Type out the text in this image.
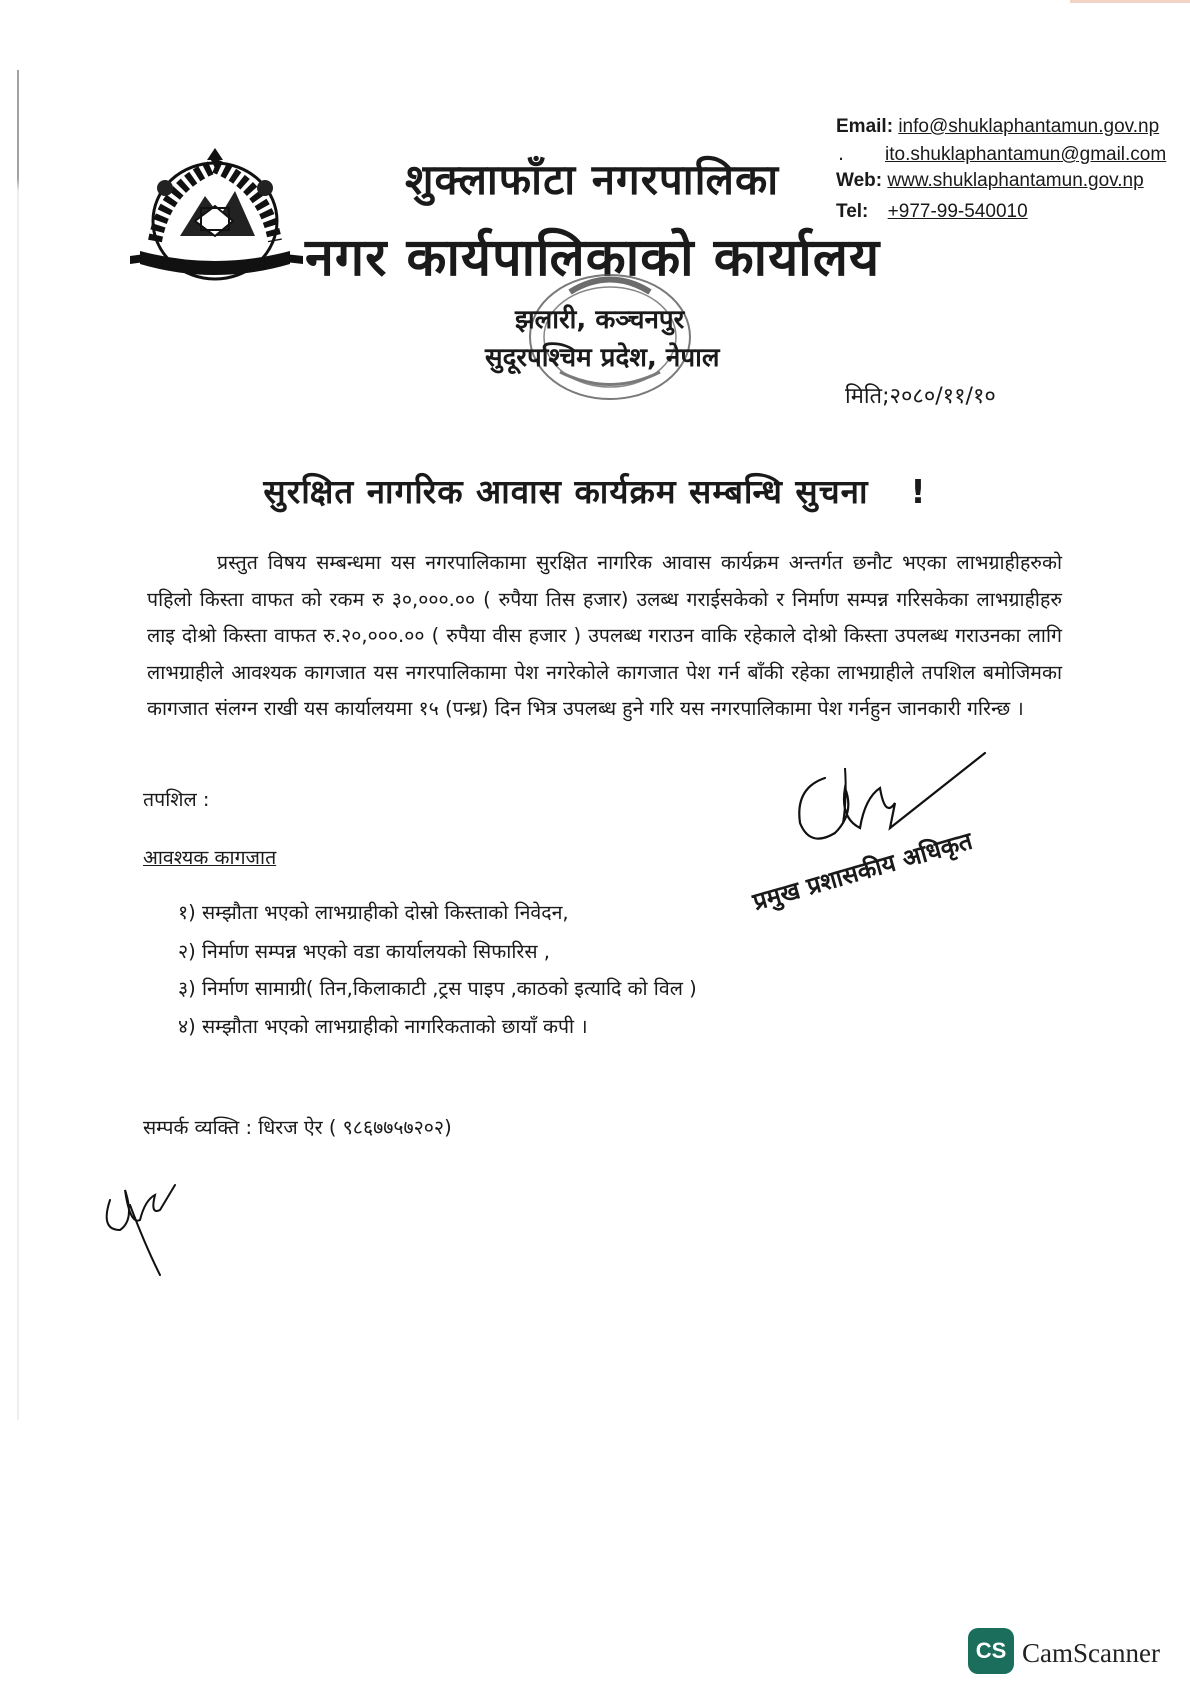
शुक्लाफाँटा नगरपालिका
नगर कार्यपालिकाको कार्यालय
झलारी, कञ्चनपुर
सुदूरपश्चिम प्रदेश, नेपाल
Email: info@shuklaphantamun.gov.np
. ito.shuklaphantamun@gmail.com
Web: www.shuklaphantamun.gov.np
Tel: +977-99-540010
मिति;२०८०/११/१०
सुरक्षित नागरिक आवास कार्यक्रम सम्बन्धि सुचना !
प्रस्तुत विषय सम्बन्धमा यस नगरपालिकामा सुरक्षित नागरिक आवास कार्यक्रम अन्तर्गत छनौट भएका लाभग्राहीहरुको पहिलो किस्ता वाफत को रकम रु ३०,०००.०० ( रुपैया तिस हजार) उलब्ध गराईसकेको र निर्माण सम्पन्न गरिसकेका लाभग्राहीहरु लाइ दोश्रो किस्ता वाफत रु.२०,०००.०० ( रुपैया वीस हजार ) उपलब्ध गराउन वाकि रहेकाले दोश्रो किस्ता उपलब्ध गराउनका लागि लाभग्राहीले आवश्यक कागजात यस नगरपालिकामा पेश नगरेकोले कागजात पेश गर्न बाँकी रहेका लाभग्राहीले तपशिल बमोजिमका कागजात संलग्न राखी यस कार्यालयमा १५ (पन्ध्र) दिन भित्र उपलब्ध हुने गरि यस नगरपालिकामा पेश गर्नहुन जानकारी गरिन्छ ।
तपशिल :
आवश्यक कागजात
१) सम्झौता भएको लाभग्राहीको दोस्रो किस्ताको निवेदन,
२) निर्माण सम्पन्न भएको वडा कार्यालयको सिफारिस ,
३) निर्माण सामाग्री( तिन,किलाकाटी ,ट्रस पाइप ,काठको इत्यादि को विल )
४) सम्झौता भएको लाभग्राहीको नागरिकताको छायाँ कपी ।
प्रमुख प्रशासकीय अधिकृत
सम्पर्क व्यक्ति : धिरज ऐर ( ९८६७७५७२०२)
CS CamScanner
